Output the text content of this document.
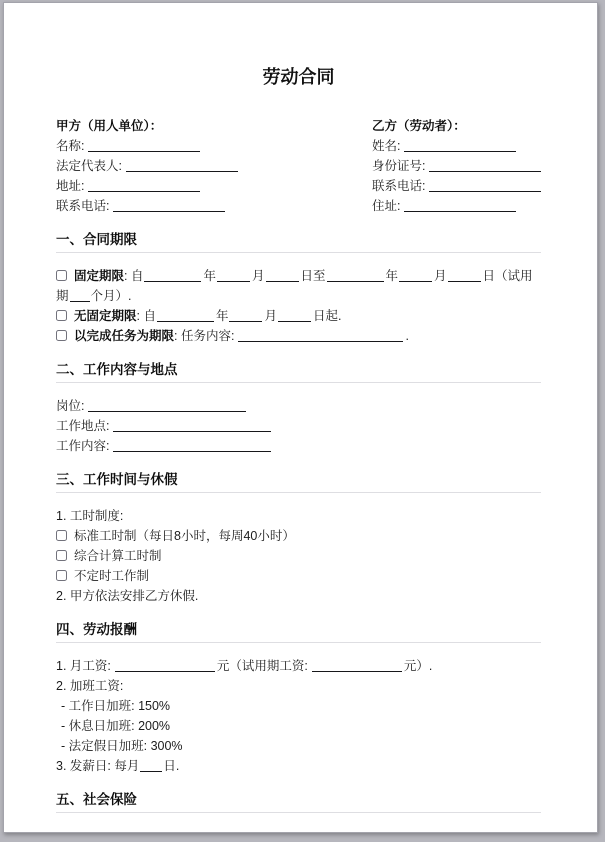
劳动合同

甲方（用人单位）：

名称:

法定代表人:

地址:

联系电话:

乙方（劳动者）：

姓名:

身份证号:

联系电话:

住址:

一、合同期限

固定期限: 自	年	月	日至	年	月	日（试用期 个月）.

无固定期限: 自	年	月	日起.

以完成任务为期限: 任务内容:	.

二、工作内容与地点

岗位:

工作地点:

工作内容:

三、工作时间与休假

1. 工时制度:

标准工时制（每日8小时，每周40小时）

综合计算工时制

不定时工作制

2. 甲方依法安排乙方休假.

四、劳动报酬

1. 月工资:	元（试用期工资:	元）.

2. 加班工资:

- 工作日加班: 150%

- 休息日加班: 200%

- 法定假日加班: 300%

3. 发薪日: 每月 日.

五、社会保险
